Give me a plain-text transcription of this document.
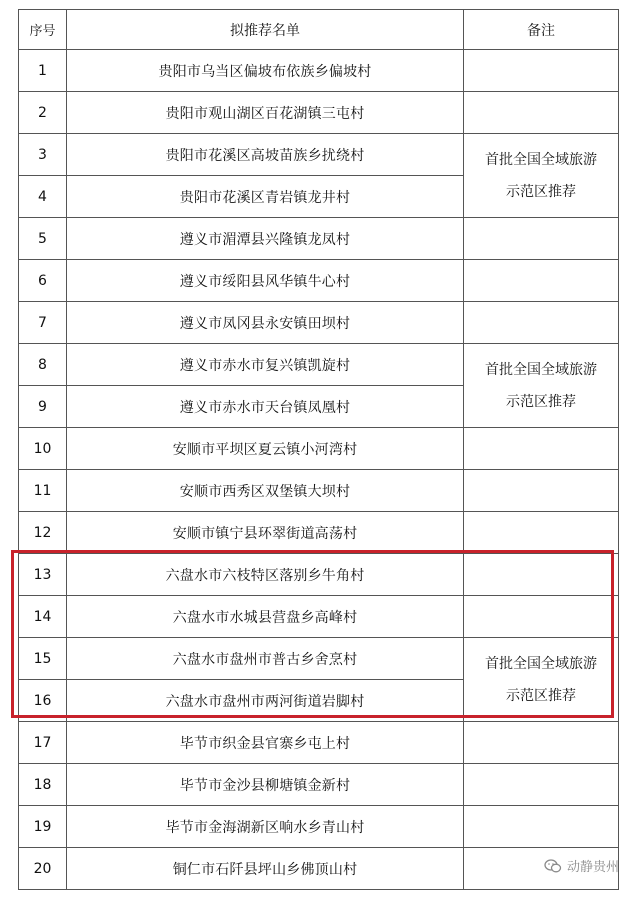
序号	拟推荐名单	备注
1	贵阳市乌当区偏坡布依族乡偏坡村	
2	贵阳市观山湖区百花湖镇三屯村	
3	贵阳市花溪区高坡苗族乡扰绕村	首批全国全域旅游
示范区推荐

4	贵阳市花溪区青岩镇龙井村	
5	遵义市湄潭县兴隆镇龙凤村	
6	遵义市绥阳县风华镇牛心村	
7	遵义市凤冈县永安镇田坝村	
8	遵义市赤水市复兴镇凯旋村	首批全国全域旅游
示范区推荐

9	遵义市赤水市天台镇凤凰村	
10	安顺市平坝区夏云镇小河湾村	
11	安顺市西秀区双堡镇大坝村	
12	安顺市镇宁县环翠街道高荡村	
13	六盘水市六枝特区落别乡牛角村	
14	六盘水市水城县营盘乡高峰村	
15	六盘水市盘州市普古乡舍烹村	首批全国全域旅游
示范区推荐

16	六盘水市盘州市两河街道岩脚村	
17	毕节市织金县官寨乡屯上村	
18	毕节市金沙县柳塘镇金新村	
19	毕节市金海湖新区响水乡青山村	
20	铜仁市石阡县坪山乡佛顶山村		动静贵州
